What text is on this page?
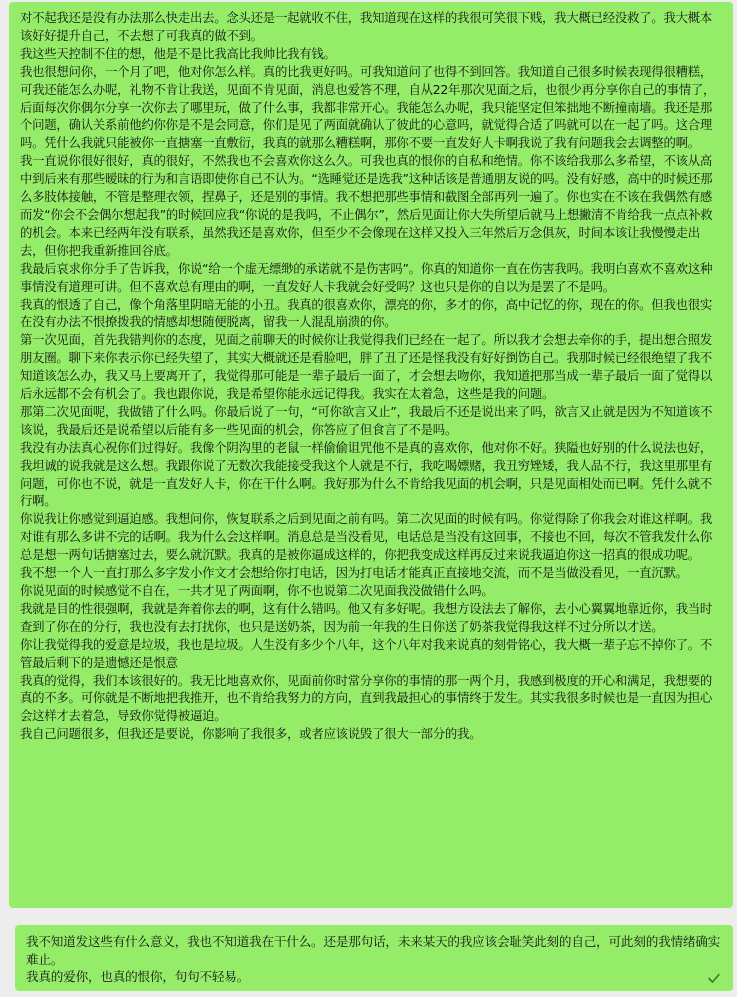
对不起我还是没有办法那么快走出去。念头还是一起就收不住，我知道现在这样的我很可笑很下贱，我大概已经没救了。我大概本该好好提升自己，不去想了可我真的做不到。

我这些天控制不住的想，他是不是比我高比我帅比我有钱。

我也很想问你，一个月了吧，他对你怎么样。真的比我更好吗。可我知道问了也得不到回答。我知道自己很多时候表现得很糟糕，可我还能怎么办呢，礼物不肯让我送，见面不肯见面，消息也爱答不理，自从22年那次见面之后，也很少再分享你自己的事情了，后面每次你偶尔分享一次你去了哪里玩，做了什么事，我都非常开心。我能怎么办呢，我只能坚定但笨拙地不断撞南墙。我还是那个问题，确认关系前他约你你是不是会同意，你们是见了两面就确认了彼此的心意吗，就觉得合适了吗就可以在一起了吗。这合理吗。凭什么我就只能被你一直搪塞一直敷衍，我真的就那么糟糕啊，那你不要一直发好人卡啊我说了我有问题我会去调整的啊。

我一直说你很好很好，真的很好，不然我也不会喜欢你这么久。可我也真的恨你的自私和绝情。你不该给我那么多希望，不该从高中到后来有那些暧昧的行为和言语即使你自己不认为。“选睡觉还是选我”这种话该是普通朋友说的吗。没有好感，高中的时候还那么多肢体接触，不管是整理衣领，捏鼻子，还是别的事情。我不想把那些事情和截图全部再列一遍了。你也实在不该在我偶然有感而发“你会不会偶尔想起我”的时候回应我“你说的是我吗，不止偶尔”，然后见面让你大失所望后就马上想撇清不肯给我一点点补救的机会。本来已经两年没有联系，虽然我还是喜欢你，但至少不会像现在这样又投入三年然后万念俱灰，时间本该让我慢慢走出去，但你把我重新推回谷底。

我最后哀求你分手了告诉我，你说“给一个虚无缥缈的承诺就不是伤害吗”。你真的知道你一直在伤害我吗。我明白喜欢不喜欢这种事情没有道理可讲。但不喜欢总有理由的啊，一直发好人卡我就会好受吗？这也只是你的自以为是罢了不是吗。

我真的恨透了自己，像个角落里阴暗无能的小丑。我真的很喜欢你，漂亮的你，多才的你，高中记忆的你，现在的你。但我也很实在没有办法不恨撩拨我的情感却想随便脱离，留我一人混乱崩溃的你。

第一次见面，首先我错判你的态度，见面之前聊天的时候你让我觉得我们已经在一起了。所以我才会想去牵你的手，提出想合照发朋友圈。聊下来你表示你已经失望了，其实大概就还是看脸吧，胖了丑了还是怪我没有好好捯饬自己。我那时候已经很绝望了我不知道该怎么办，我又马上要离开了，我觉得那可能是一辈子最后一面了，才会想去吻你，我知道把那当成一辈子最后一面了觉得以后永远都不会有机会了。我也跟你说，我是希望你能永远记得我。我实在太着急，这些是我的问题。

那第二次见面呢，我做错了什么吗。你最后说了一句，“可你欲言又止”，我最后不还是说出来了吗，欲言又止就是因为不知道该不该说，我最后还是说希望以后能有多一些见面的机会，你答应了但食言了不是吗。

我没有办法真心祝你们过得好。我像个阴沟里的老鼠一样偷偷诅咒他不是真的喜欢你，他对你不好。狭隘也好别的什么说法也好，我坦诚的说我就是这么想。我跟你说了无数次我能接受我这个人就是不行，我吃喝嫖赌，我丑穷矬矮，我人品不行，我这里那里有问题，可你也不说，就是一直发好人卡，你在干什么啊。我好那为什么不肯给我见面的机会啊，只是见面相处而已啊。凭什么就不行啊。

你说我让你感觉到逼迫感。我想问你，恢复联系之后到见面之前有吗。第二次见面的时候有吗。你觉得除了你我会对谁这样啊。我对谁有那么多讲不完的话啊。我为什么会这样啊。消息总是当没看见，电话总是当没有这回事，不接也不回，每次不管我发什么你总是想一两句话搪塞过去，要么就沉默。我真的是被你逼成这样的，你把我变成这样再反过来说我逼迫你这一招真的很成功呢。

我不想一个人一直打那么多字发小作文才会想给你打电话，因为打电话才能真正直接地交流，而不是当做没看见，一直沉默。

你说见面的时候感觉不自在，一共才见了两面啊，你不也说第二次见面我没做错什么吗。

我就是目的性很强啊，我就是奔着你去的啊，这有什么错吗。他又有多好呢。我想方设法去了解你，去小心翼翼地靠近你，我当时查到了你在的分行，我也没有去打扰你，也只是送奶茶，因为前一年我的生日你送了奶茶我觉得我这样不过分所以才送。

你让我觉得我的爱意是垃圾，我也是垃圾。人生没有多少个八年，这个八年对我来说真的刻骨铭心，我大概一辈子忘不掉你了。不管最后剩下的是遗憾还是恨意

我真的觉得，我们本该很好的。我无比地喜欢你，见面前你时常分享你的事情的那一两个月，我感到极度的开心和满足，我想要的真的不多。可你就是不断地把我推开，也不肯给我努力的方向，直到我最担心的事情终于发生。其实我很多时候也是一直因为担心会这样才去着急，导致你觉得被逼迫。

我自己问题很多，但我还是要说，你影响了我很多，或者应该说毁了很大一部分的我。

我不知道发这些有什么意义，我也不知道我在干什么。还是那句话，未来某天的我应该会耻笑此刻的自己，可此刻的我情绪确实难止。

我真的爱你，也真的恨你，句句不轻易。
